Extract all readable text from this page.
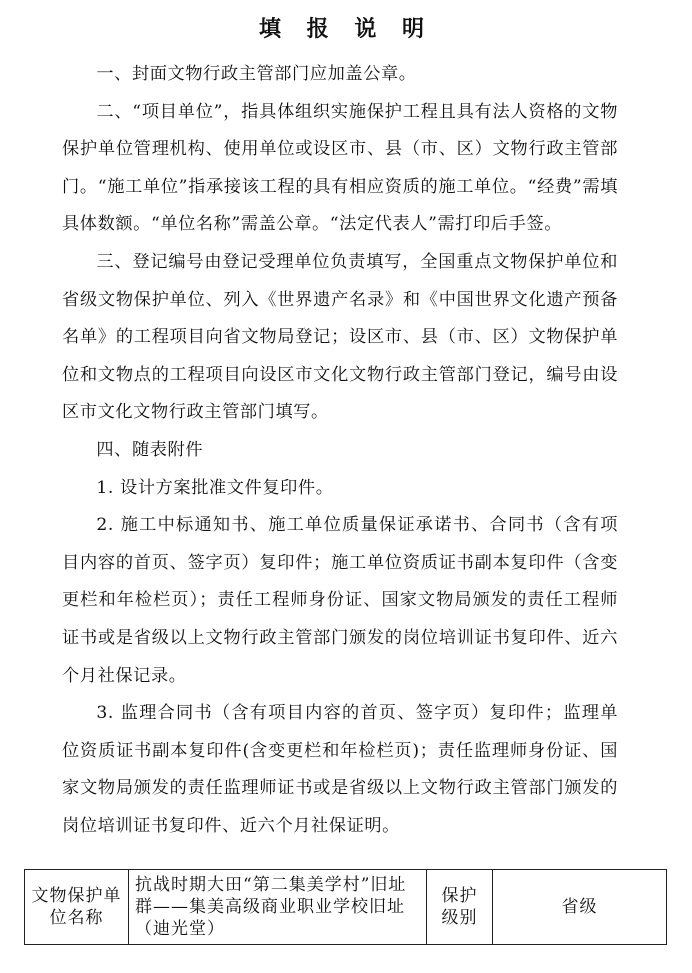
填 报 说 明

一、封面文物行政主管部门应加盖公章。

二、“项目单位”，指具体组织实施保护工程且具有法人资格的文物保护单位管理机构、使用单位或设区市、县（市、区）文物行政主管部门。“施工单位”指承接该工程的具有相应资质的施工单位。“经费”需填具体数额。“单位名称”需盖公章。“法定代表人”需打印后手签。

三、登记编号由登记受理单位负责填写，全国重点文物保护单位和省级文物保护单位、列入《世界遗产名录》和《中国世界文化遗产预备名单》的工程项目向省文物局登记；设区市、县（市、区）文物保护单位和文物点的工程项目向设区市文化文物行政主管部门登记，编号由设区市文化文物行政主管部门填写。

四、随表附件

1. 设计方案批准文件复印件。

2. 施工中标通知书、施工单位质量保证承诺书、合同书（含有项目内容的首页、签字页）复印件；施工单位资质证书副本复印件（含变更栏和年检栏页）；责任工程师身份证、国家文物局颁发的责任工程师证书或是省级以上文物行政主管部门颁发的岗位培训证书复印件、近六个月社保记录。

3. 监理合同书（含有项目内容的首页、签字页）复印件；监理单位资质证书副本复印件(含变更栏和年检栏页)；责任监理师身份证、国家文物局颁发的责任监理师证书或是省级以上文物行政主管部门颁发的岗位培训证书复印件、近六个月社保证明。

文物保护单位名称	抗战时期大田“第二集美学村”旧址群——集美高级商业职业学校旧址（迪光堂）	保护级别	省级
